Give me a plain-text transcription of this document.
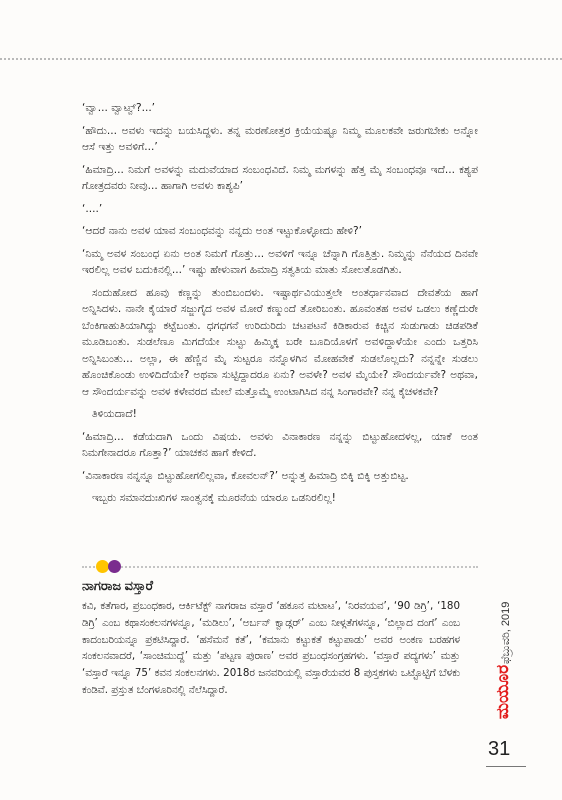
‘ವ್ವಾ... ವ್ವಾಟ್ವ್?...’

‘ಹೌದು... ಅವಳು ಇದನ್ನು ಬಯಸಿದ್ದಳು. ತನ್ನ ಮರಣೋತ್ತರ ಕ್ರಿಯೆಯಷ್ಟೂ ನಿಮ್ಮ ಮೂಲಕವೇ ಜರುಗಬೇಕು ಅನ್ನೋ ಆಸೆ ಇತ್ತು ಅವಳಿಗೆ...’

‘ಹಿಮಾದ್ರಿ... ನಿಮಗೆ ಅವಳನ್ನು ಮದುವೆಯಾದ ಸಂಬಂಧವಿದೆ. ನಿಮ್ಮ ಮಗಳನ್ನು ಹೆತ್ತ ಮೈ ಸಂಬಂಧವೂ ಇದೆ... ಕಶ್ಯಪ ಗೋತ್ರದವರು ನೀವು... ಹಾಗಾಗಿ ಅವಳು ಕಾಶ್ಯಪಿ’

‘....’

‘ಆದರೆ ನಾನು ಅವಳ ಯಾವ ಸಂಬಂಧವನ್ನು ನನ್ನದು ಅಂತ ಇಟ್ಟುಕೊಳ್ಳೋದು ಹೇಳಿ?’

‘ನಿಮ್ಮ ಅವಳ ಸಂಬಂಧ ಏನು ಅಂತ ನಿಮಗೆ ಗೊತ್ತು... ಅವಳಿಗೆ ಇನ್ನೂ ಚೆನ್ನಾಗಿ ಗೊತ್ತಿತ್ತು. ನಿಮ್ಮನ್ನು ನೆನೆಯದ ದಿನವೇ ಇರಲಿಲ್ಲ ಅವಳ ಬದುಕಿನಲ್ಲಿ...’ ಇಷ್ಟು ಹೇಳುವಾಗ ಹಿಮಾದ್ರಿ ಸತ್ವತಿಯ ಮಾತು ಸೋಲತೊಡಗಿತು.

ಸಂದುಹೋದ ಹೂವು ಕಣ್ಣನ್ನು ತುಂಬಿಬಂದಳು. ಇಷ್ಟಾರ್ಥವಿಯುತ್ತಲೇ ಅಂತರ್ಧಾನವಾದ ದೇವತೆಯ ಹಾಗೆ ಅನ್ನಿಸಿದಳು. ನಾನೇ ಕೈಯಾರೆ ಸಜ್ಜುಗೈದ ಅವಳ ಮೋರೆ ಕಣ್ಮುಂದೆ ತೋರಿಬಂತು. ಹೂವಂತಹ ಅವಳ ಒಡಲು ಕಣ್ಣೆದುರೇ ಬೆಂಕಿಗಾಹುತಿಯಾಗಿದ್ದು ಕಟ್ಟೆಬಂತು. ಧಗಧಗನೆ ಉರಿದುರಿದು ಚಟಪಟನೆ ಕಿಡಿಕಾರುವ ಕಿಚ್ಚಿನ ಸುಡುಗಾಡು ಚಿಡಪಡಿಕೆ ಮೂಡಿಬಂತು. ಸುಡಲೆಣೂ ಮಿಗದೆಯೇ ಸುಟ್ಟು ಹಿಮ್ಮಿಕ್ಕ ಬರೇ ಬೂದಿಯೊಳಗೆ ಅವಳಿದ್ದಾಳೆಯೇ ಎಂದು ಒತ್ತರಿಸಿ ಅನ್ನಿಸಿಬಂತು... ಅಲ್ಲಾ, ಈ ಹೆಣ್ಣಿನ ಮೈ ಸುಟ್ಟರೂ ನನ್ನೊಳಗಿನ ಮೋಹವೇಕೆ ಸುಡಲೊಲ್ಲದು? ನನ್ನನ್ನೇ ಸುಡಲು ಹೊಂಚಿಕೊಂಡು ಉಳಿದಿದೆಯೇ? ಅಥವಾ ಸುಟ್ಟಿದ್ದಾದರೂ ಏನು? ಅವಳೇ? ಅವಳ ಮೈಯೇ? ಸೌಂದರ್ಯವೇ? ಅಥವಾ, ಆ ಸೌಂದರ್ಯವನ್ನು ಅವಳ ಕಳೇವರದ ಮೇಲೆ ಮತ್ತೊಮ್ಮೆ ಉಂಟಾಗಿಸಿದ ನನ್ನ ಸಿಂಗಾರವೇ? ನನ್ನ ಕೈಚಳಕವೇ?

ತಿಳಿಯದಾದೆ!

‘ಹಿಮಾದ್ರಿ... ಕಡೆಯದಾಗಿ ಒಂದು ವಿಷಯ. ಅವಳು ವಿನಾಕಾರಣ ನನ್ನನ್ನು ಬಿಟ್ಟುಹೋದಳಲ್ಲ, ಯಾಕೆ ಅಂತ ನಿಮಗೇನಾದರೂ ಗೊತ್ತಾ?’ ಯಾಚಕನ ಹಾಗೆ ಕೇಳಿದೆ.

‘ವಿನಾಕಾರಣ ನನ್ನನ್ನೂ ಬಿಟ್ಟುಹೋಗಲಿಲ್ಲವಾ, ಕೋವಲನ್?’ ಅನ್ನುತ್ತ ಹಿಮಾದ್ರಿ ಬಿಕ್ಕಿ ಬಿಕ್ಕಿ ಅತ್ತುಬಿಟ್ಟ.

ಇಬ್ಬರು ಸಮಾನದುಃಖಿಗಳ ಸಾಂತ್ವನಕ್ಕೆ ಮೂರನೆಯ ಯಾರೂ ಒಡನಿರಲಿಲ್ಲ!

ನಾಗರಾಜ ವಸ್ತಾರೆ

ಕವಿ, ಕತೆಗಾರ, ಪ್ರಬಂಧಕಾರ, ಆರ್ಕಿಟೆಕ್ಟ್ ನಾಗರಾಜ ವಸ್ತಾರೆ ‘ಹಕೂನ ಮಟಾಟ’, ‘ನಿರವಯವ’, ‘90 ಡಿಗ್ರಿ’, ‘180 ಡಿಗ್ರಿ’ ಎಂಬ ಕಥಾಸಂಕಲನಗಳನ್ನೂ, ‘ಮಡಿಲು’, ‘ಅರ್ಬನ್ ಕ್ವಾಡ್ಗರ್’ ಎಂಬ ನೀಳ್ಗತೆಗಳನ್ನೂ, ‘ಬಿಲ್ಲಾದ ದಂಗೆ’ ಎಂಬ ಕಾದಂಬರಿಯನ್ನೂ ಪ್ರಕಟಿಸಿದ್ದಾರೆ. ‘ಹಸೆಮನೆ ಕತೆ’, ‘ಕಮಾನು ಕಟ್ಟುಕತೆ ಕಟ್ಟುಪಾಡು’ ಅವರ ಅಂಕಣ ಬರಹಗಳ ಸಂಕಲನವಾದರೆ, ‘ಸಾಂಚಿಮುದ್ದೆ’ ಮತ್ತು ‘ಪಟ್ಟಣ ಪುರಾಣ’ ಅವರ ಪ್ರಬಂಧಸಂಗ್ರಹಗಳು. ‘ವಸ್ತಾರೆ ಪದ್ಯಗಳು’ ಮತ್ತು ‘ವಸ್ತಾರೆ ಇನ್ನೂ 75’ ಕವನ ಸಂಕಲನಗಳು. 2018ರ ಜನವರಿಯಲ್ಲಿ ವಸ್ತಾರೆಯವರ 8 ಪುಸ್ತಕಗಳು ಒಟ್ಟೊಟ್ಟಿಗೆ ಬೆಳಕು ಕಂಡಿವೆ. ಪ್ರಸ್ತುತ ಬೆಂಗಳೂರಿನಲ್ಲಿ ನೆಲೆಸಿದ್ದಾರೆ.

ಫೆಬ್ರುವರಿ, 2019
ಮಯೂರ
31
